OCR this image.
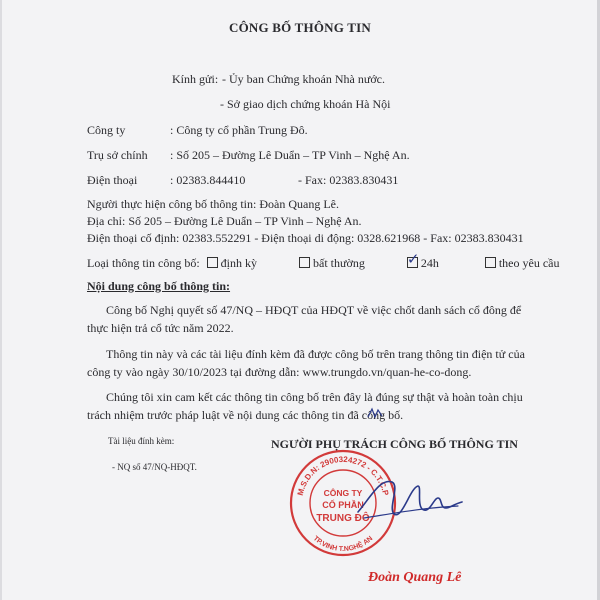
CÔNG BỐ THÔNG TIN
Kính gửi: - Ủy ban Chứng khoán Nhà nước.
- Sở giao dịch chứng khoán Hà Nội
Công ty	: Công ty cổ phần Trung Đô.
Trụ sở chính : Số 205 – Đường Lê Duẩn – TP Vinh – Nghệ An.
Điện thoại	: 02383.844410	- Fax: 02383.830431
Người thực hiện công bố thông tin: Đoàn Quang Lê.
Địa chỉ: Số 205 – Đường Lê Duẩn – TP Vinh – Nghệ An.
Điện thoại cố định: 02383.552291 - Điện thoại di động: 0328.621968 - Fax: 02383.830431
Loại thông tin công bố: định kỳ	bất thường	✓ 24h	theo yêu cầu
Nội dung công bố thông tin:
Công bố Nghị quyết số 47/NQ – HĐQT của HĐQT về việc chốt danh sách cổ đông để
thực hiện trả cổ tức năm 2022.
Thông tin này và các tài liệu đính kèm đã được công bố trên trang thông tin điện tử của
công ty vào ngày 30/10/2023 tại đường dẫn: www.trungdo.vn/quan-he-co-dong.
Chúng tôi xin cam kết các thông tin công bố trên đây là đúng sự thật và hoàn toàn chịu
trách nhiệm trước pháp luật về nội dung các thông tin đã công bố.
Tài liệu đính kèm:
- NQ số 47/NQ-HĐQT.
NGƯỜI PHỤ TRÁCH CÔNG BỐ THÔNG TIN
M.S.D.N: 2900324272 - C.T.C.P
TP.VINH T.NGHỆ AN
CÔNG TY
CỔ PHẦN
TRUNG ĐÔ
Đoàn Quang Lê
